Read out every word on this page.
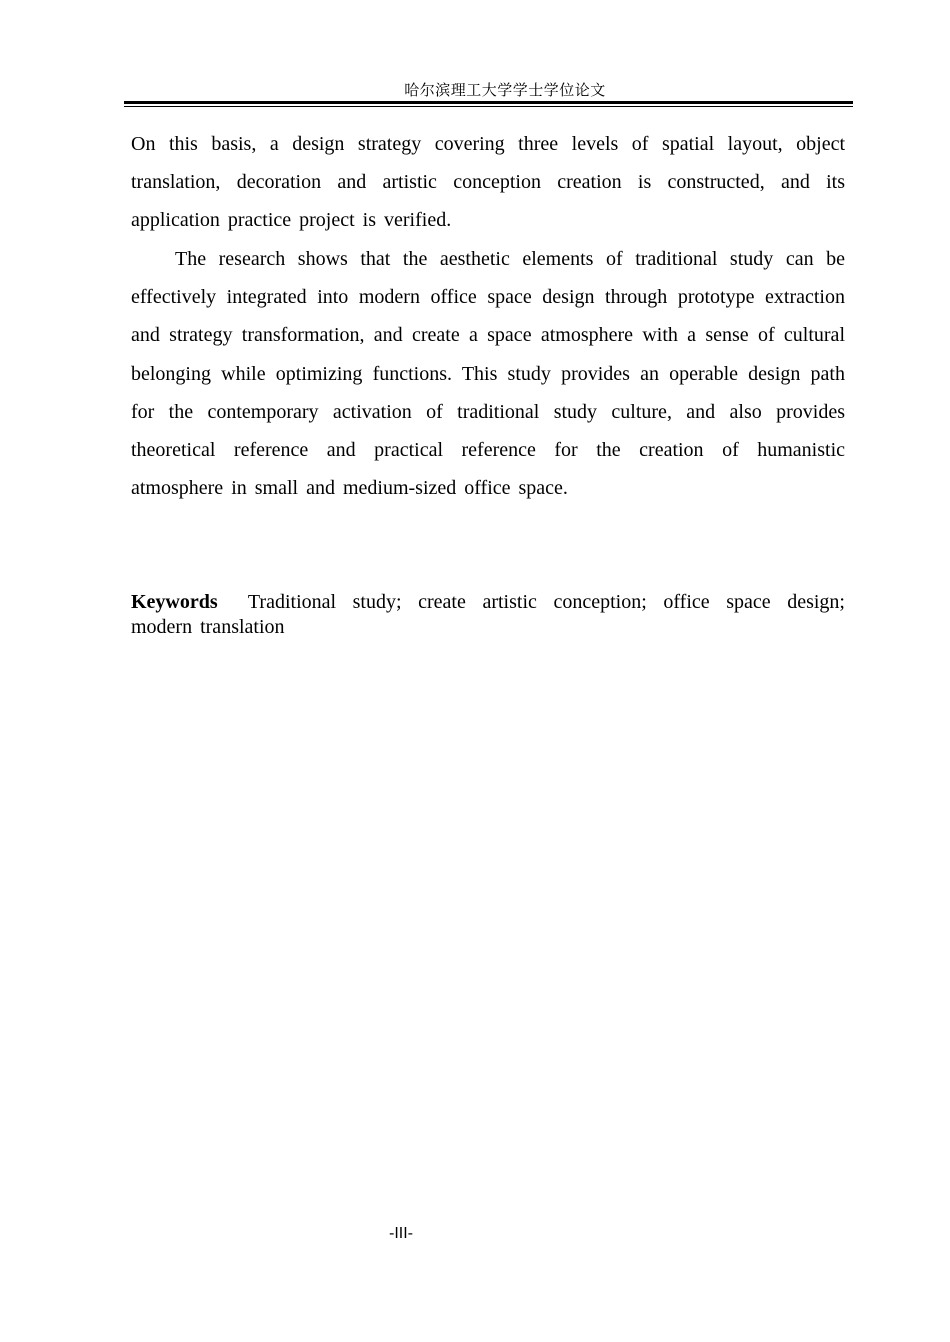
哈尔滨理工大学学士学位论文

On this basis, a design strategy covering three levels of spatial layout, object translation, decoration and artistic conception creation is constructed, and its application practice project is verified.

The research shows that the aesthetic elements of traditional study can be effectively integrated into modern office space design through prototype extraction and strategy transformation, and create a space atmosphere with a sense of cultural belonging while optimizing functions. This study provides an operable design path for the contemporary activation of traditional study culture, and also provides theoretical reference and practical reference for the creation of humanistic atmosphere in small and medium-sized office space.

Keywords Traditional study; create artistic conception; office space design; modern translation

-III-
